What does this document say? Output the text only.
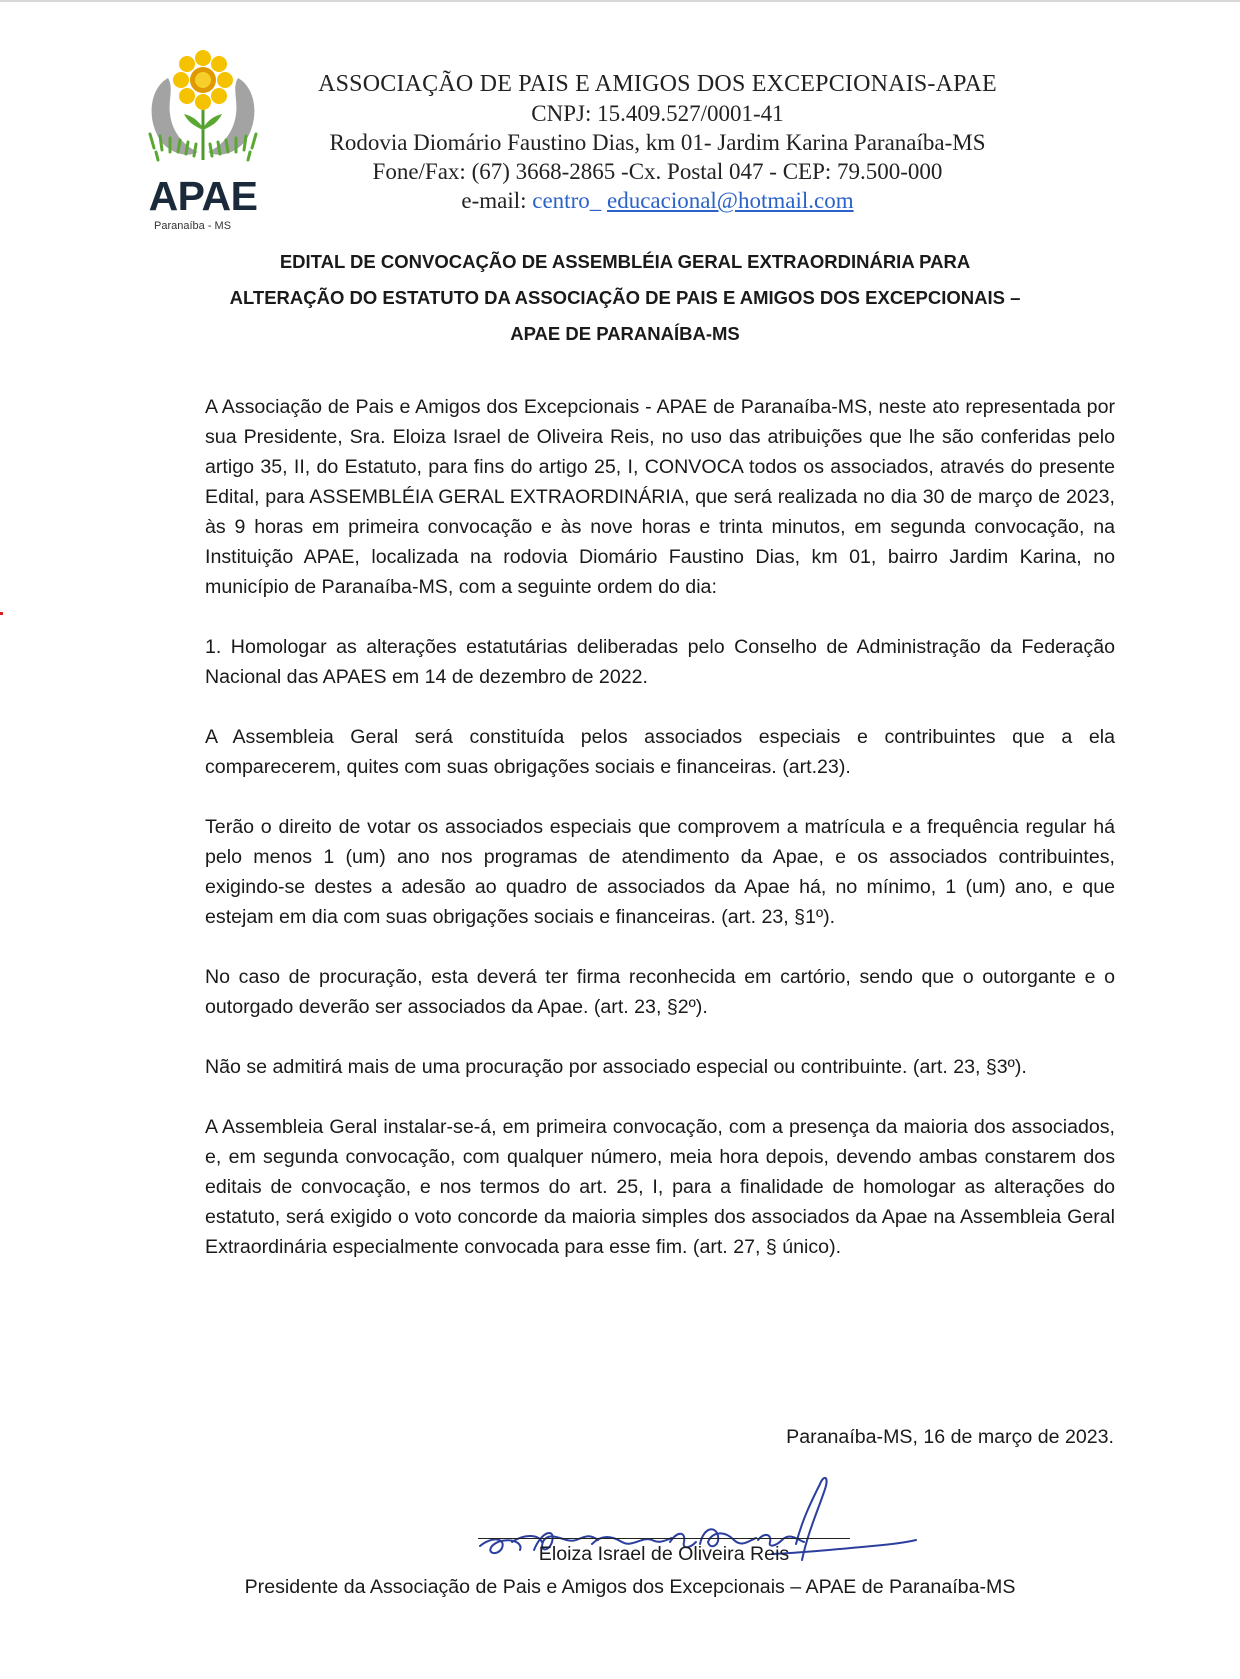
APAE
Paranaíba - MS
ASSOCIAÇÃO DE PAIS E AMIGOS DOS EXCEPCIONAIS-APAE
CNPJ: 15.409.527/0001-41
Rodovia Diomário Faustino Dias, km 01- Jardim Karina Paranaíba-MS
Fone/Fax: (67) 3668-2865 -Cx. Postal 047 - CEP: 79.500-000
e-mail: centro_ educacional@hotmail.com
EDITAL DE CONVOCAÇÃO DE ASSEMBLÉIA GERAL EXTRAORDINÁRIA PARA
ALTERAÇÃO DO ESTATUTO DA ASSOCIAÇÃO DE PAIS E AMIGOS DOS EXCEPCIONAIS –
APAE DE PARANAÍBA-MS

A Associação de Pais e Amigos dos Excepcionais - APAE de Paranaíba-MS, neste ato representada por sua Presidente, Sra. Eloiza Israel de Oliveira Reis, no uso das atribuições que lhe são conferidas pelo artigo 35, II, do Estatuto, para fins do artigo 25, I, CONVOCA todos os associados, através do presente Edital, para ASSEMBLÉIA GERAL EXTRAORDINÁRIA, que será realizada no dia 30 de março de 2023, às 9 horas em primeira convocação e às nove horas e trinta minutos, em segunda convocação, na Instituição APAE, localizada na rodovia Diomário Faustino Dias, km 01, bairro Jardim Karina, no município de Paranaíba-MS, com a seguinte ordem do dia:

1. Homologar as alterações estatutárias deliberadas pelo Conselho de Administração da Federação Nacional das APAES em 14 de dezembro de 2022.

A Assembleia Geral será constituída pelos associados especiais e contribuintes que a ela comparecerem, quites com suas obrigações sociais e financeiras. (art.23).

Terão o direito de votar os associados especiais que comprovem a matrícula e a frequência regular há pelo menos 1 (um) ano nos programas de atendimento da Apae, e os associados contribuintes, exigindo-se destes a adesão ao quadro de associados da Apae há, no mínimo, 1 (um) ano, e que estejam em dia com suas obrigações sociais e financeiras. (art. 23, §1º).

No caso de procuração, esta deverá ter firma reconhecida em cartório, sendo que o outorgante e o outorgado deverão ser associados da Apae. (art. 23, §2º).

Não se admitirá mais de uma procuração por associado especial ou contribuinte. (art. 23, §3º).

A Assembleia Geral instalar-se-á, em primeira convocação, com a presença da maioria dos associados, e, em segunda convocação, com qualquer número, meia hora depois, devendo ambas constarem dos editais de convocação, e nos termos do art. 25, I, para a finalidade de homologar as alterações do estatuto, será exigido o voto concorde da maioria simples dos associados da Apae na Assembleia Geral Extraordinária especialmente convocada para esse fim. (art. 27, § único).

Paranaíba-MS, 16 de março de 2023.
Eloiza Israel de Oliveira Reis
Presidente da Associação de Pais e Amigos dos Excepcionais – APAE de Paranaíba-MS
